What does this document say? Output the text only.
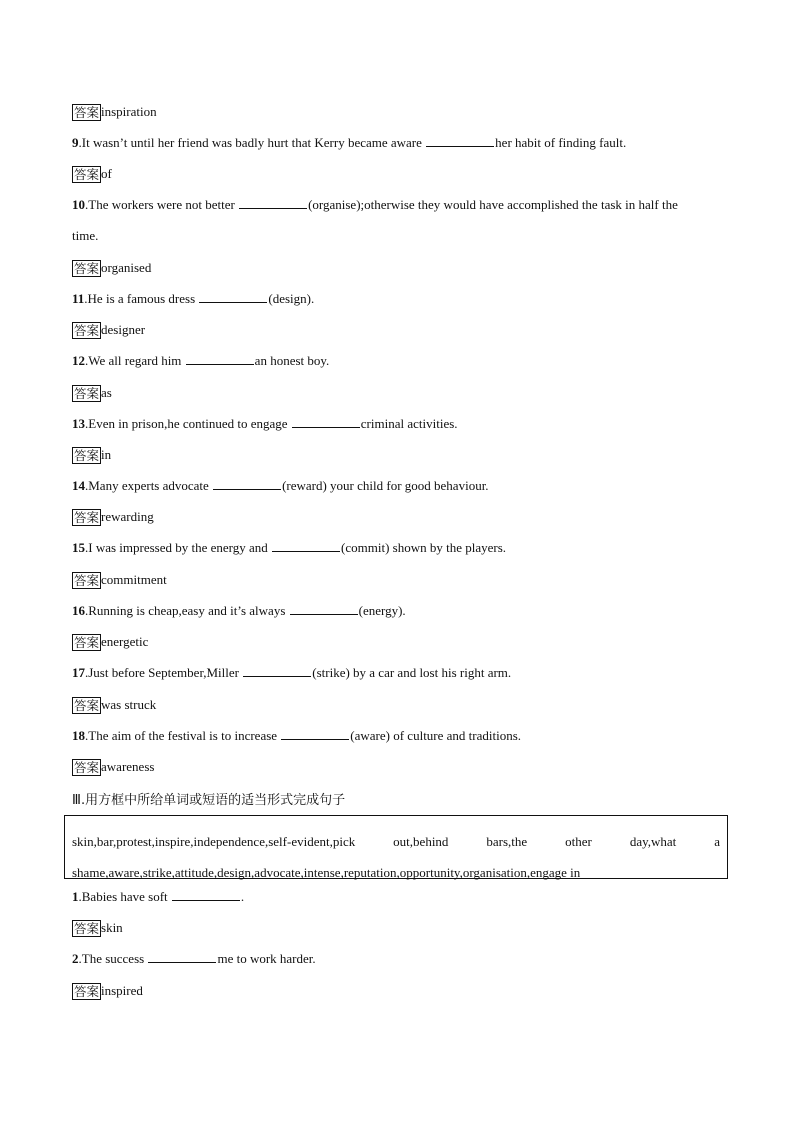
答案 inspiration
9.It wasn’t until her friend was badly hurt that Kerry became aware	her habit of finding fault.
答案 of
10.The workers were not better	(organise);otherwise they would have accomplished the task in half the
time.
答案 organised
11.He is a famous dress	(design).
答案 designer
12.We all regard him	an honest boy.
答案 as
13.Even in prison,he continued to engage	criminal activities.
答案 in
14.Many experts advocate	(reward) your child for good behaviour.
答案 rewarding
15.I was impressed by the energy and	(commit) shown by the players.
答案 commitment
16.Running is cheap,easy and it’s always	(energy).
答案 energetic
17.Just before September,Miller	(strike) by a car and lost his right arm.
答案 was struck
18.The aim of the festival is to increase	(aware) of culture and traditions.
答案 awareness
Ⅲ.用方框中所给单词或短语的适当形式完成句子
skin,bar,protest,inspire,independence,self-evident,pick out,behind bars,the other day,what a
shame,aware,strike,attitude,design,advocate,intense,reputation,opportunity,organisation,engage in
1.Babies have soft	.
答案 skin
2.The success	me to work harder.
答案 inspired
